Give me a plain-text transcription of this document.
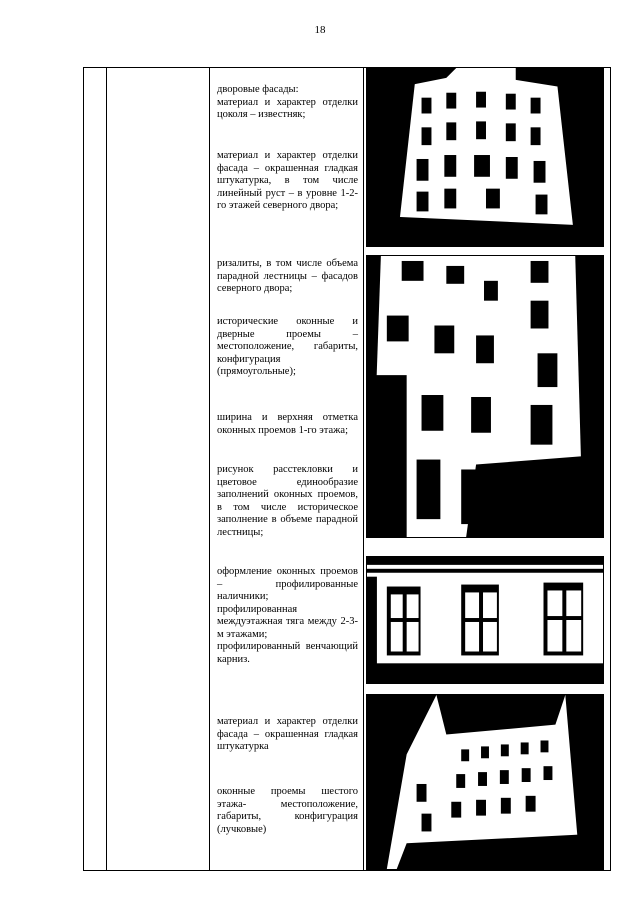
18

дворовые фасады:

материал и характер отделки цоколя – известняк;

материал и характер отделки фасада – окрашенная гладкая штукатурка, в том числе линейный руст – в уровне 1-2- го этажей северного двора;

ризалиты, в том числе объема парадной лестницы – фасадов северного двора;

исторические оконные и дверные проемы – местоположение, габариты, конфигурация (прямоугольные);

ширина и верхняя отметка оконных проемов 1-го этажа;

рисунок расстекловки и цветовое единообразие заполнений оконных проемов, в том числе историческое заполнение в объеме парадной лестницы;

оформление оконных проемов – профилированные наличники;

профилированная междуэтажная тяга между 2-3-м этажами;

профилированный венчающий карниз.

материал и характер отделки фасада – окрашенная гладкая штукатурка

оконные проемы шестого этажа- местоположение, габариты, конфигурация (лучковые)
